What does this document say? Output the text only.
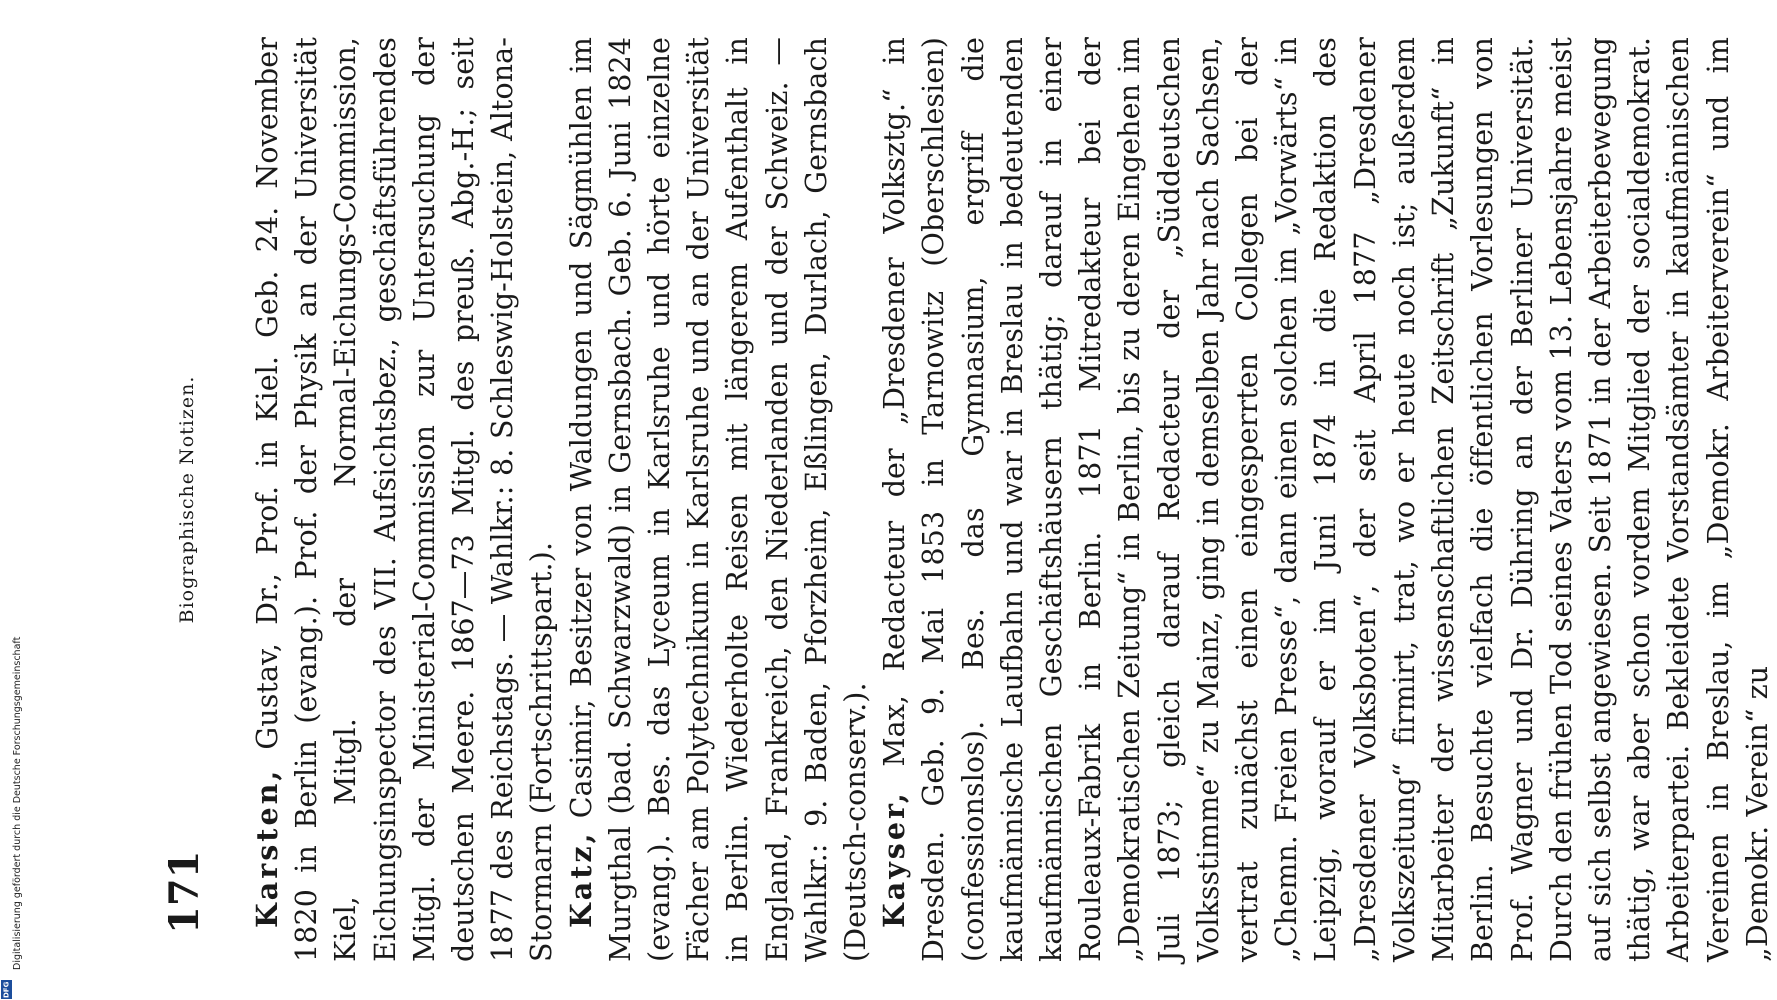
Digitalisierung gefördert durch die Deutsche Forschungsgemeinschaft
DFG
Biographische Notizen.
171 Karsten, Gustav, Dr., Prof. in Kiel. Geb. 24. November 1820 in Berlin (evang.). Prof. der Physik an der Universität Kiel, Mitgl. der Normal-Eichungs-Commission, Eichungsinspector des VII. Aufsichtsbez., geschäftsführendes Mitgl. der Ministerial-Commission zur Untersuchung der deutschen Meere. 1867—73 Mitgl. des preuß. Abg.-H.; seit 1877 des Reichstags. — Wahlkr.: 8. Schleswig-Holstein, Altona-Stormarn (Fortschrittspart.). Katz, Casimir, Besitzer von Waldungen und Sägmühlen im Murgthal (bad. Schwarzwald) in Gernsbach. Geb. 6. Juni 1824 (evang.). Bes. das Lyceum in Karlsruhe und hörte einzelne Fächer am Polytechnikum in Karlsruhe und an der Universität in Berlin. Wiederholte Reisen mit längerem Aufenthalt in England, Frankreich, den Niederlanden und der Schweiz. — Wahlkr.: 9. Baden, Pforzheim, Eßlingen, Durlach, Gernsbach (Deutsch-conserv.). Kayser, Max, Redacteur der „Dresdener Volksztg.“ in Dresden. Geb. 9. Mai 1853 in Tarnowitz (Oberschlesien) (confessionslos). Bes. das Gymnasium, ergriff die kaufmännische Laufbahn und war in Breslau in bedeutenden kaufmännischen Geschäftshäusern thätig; darauf in einer Rouleaux-Fabrik in Berlin. 1871 Mitredakteur bei der „Demokratischen Zeitung“ in Berlin, bis zu deren Eingehen im Juli 1873; gleich darauf Redacteur der „Süddeutschen Volksstimme“ zu Mainz, ging in demselben Jahr nach Sachsen, vertrat zunächst einen eingesperrten Collegen bei der „Chemn. Freien Presse“, dann einen solchen im „Vorwärts“ in Leipzig, worauf er im Juni 1874 in die Redaktion des „Dresdener Volksboten“, der seit April 1877 „Dresdener Volkszeitung“ firmirt, trat, wo er heute noch ist; außerdem Mitarbeiter der wissenschaftlichen Zeitschrift „Zukunft“ in Berlin. Besuchte vielfach die öffentlichen Vorlesungen von Prof. Wagner und Dr. Dühring an der Berliner Universität. Durch den frühen Tod seines Vaters vom 13. Lebensjahre meist auf sich selbst angewiesen. Seit 1871 in der Arbeiterbewegung thätig, war aber schon vordem Mitglied der socialdemokrat. Arbeiterpartei. Bekleidete Vorstandsämter in kaufmännischen Vereinen in Breslau, im „Demokr. Arbeiterverein“ und im „Demokr. Verein“ zu
